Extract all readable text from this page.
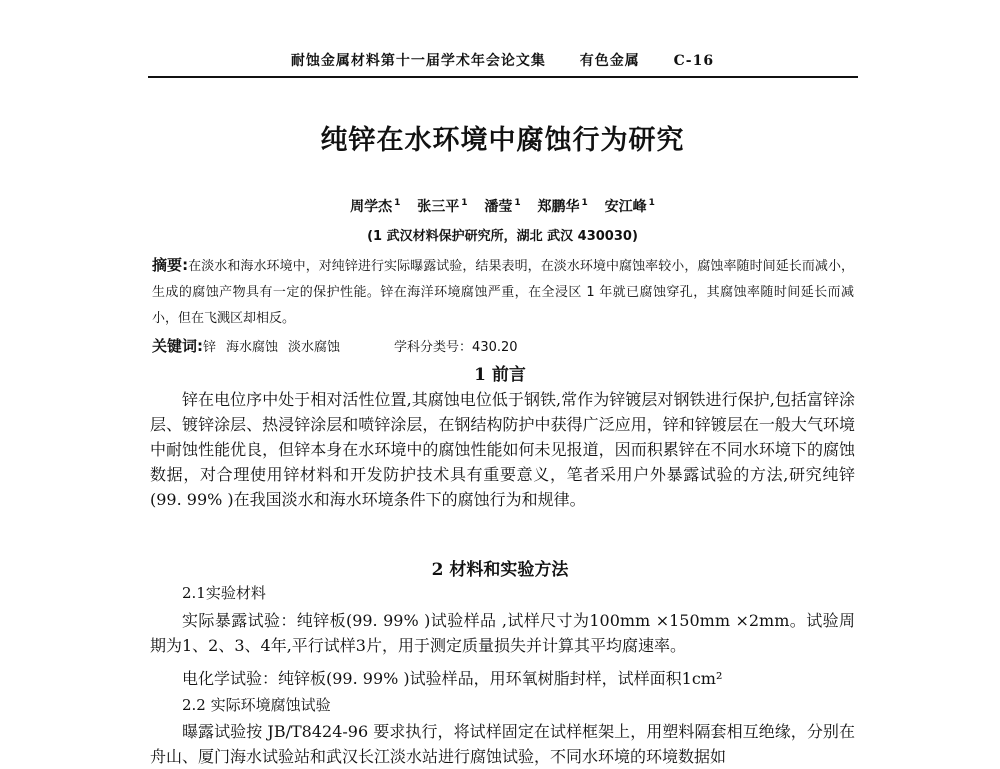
耐蚀金属材料第十一届学术年会论文集 有色金属 C-16
纯锌在水环境中腐蚀行为研究
周学杰 $^1$ 张三平 $^1$ 潘莹 $^1$ 郑鹏华 $^1$ 安江峰 $^1$
(1 武汉材料保护研究所，湖北 武汉 430030)
摘要:在淡水和海水环境中，对纯锌进行实际曝露试验，结果表明，在淡水环境中腐蚀率较小，腐蚀率随时间延长而减小，生成的腐蚀产物具有一定的保护性能。锌在海洋环境腐蚀严重，在全浸区 1 年就已腐蚀穿孔，其腐蚀率随时间延长而减小，但在飞溅区却相反。
关键词:锌 海水腐蚀 淡水腐蚀	学科分类号：430.20
1 前言
锌在电位序中处于相对活性位置,其腐蚀电位低于钢铁,常作为锌镀层对钢铁进行保护,包括富锌涂层、镀锌涂层、热浸锌涂层和喷锌涂层，在钢结构防护中获得广泛应用，锌和锌镀层在一般大气环境中耐蚀性能优良，但锌本身在水环境中的腐蚀性能如何未见报道，因而积累锌在不同水环境下的腐蚀数据，对合理使用锌材料和开发防护技术具有重要意义，笔者采用户外暴露试验的方法,研究纯锌(99. 99% )在我国淡水和海水环境条件下的腐蚀行为和规律。
2 材料和实验方法
2.1实验材料
实际暴露试验：纯锌板(99. 99% )试验样品 ,试样尺寸为100mm ×150mm ×2mm。试验周期为1、2、3、4年,平行试样3片，用于测定质量损失并计算其平均腐速率。
电化学试验：纯锌板(99. 99% )试验样品，用环氧树脂封样，试样面积1cm²
2.2 实际环境腐蚀试验
曝露试验按 JB/T8424-96 要求执行，将试样固定在试样框架上，用塑料隔套相互绝缘，分别在舟山、厦门海水试验站和武汉长江淡水站进行腐蚀试验，不同水环境的环境数据如
